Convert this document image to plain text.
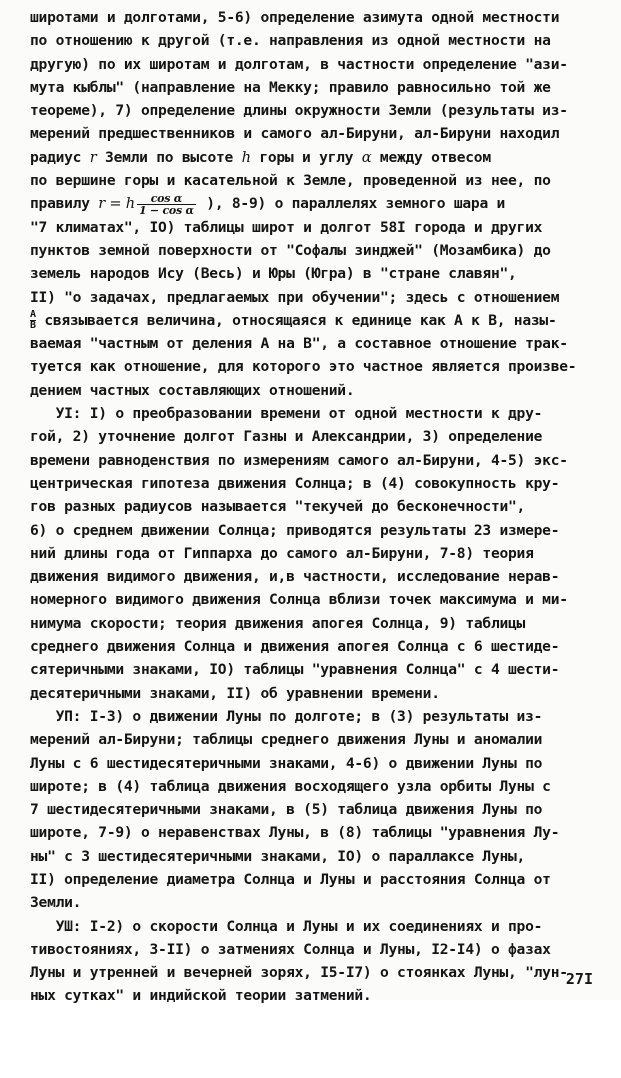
широтами и долготами, 5-6) определение азимута одной местности
по отношению к другой (т.е. направления из одной местности на
другую) по их широтам и долготам, в частности определение "ази-
мута кыблы" (направление на Мекку; правило равносильно той же
теореме), 7) определение длины окружности Земли (результаты из-
мерений предшественников и самого ал-Бируни, ал-Бируни находил
радиус r Земли по высоте h горы и углу α между отвесом
по вершине горы и касательной к Земле, проведенной из нее, по
правилу r = h $\frac{\text{cos α}}{\text{1 − cos α}}$ ), 8-9) о параллелях земного шара и
"7 климатах", IO) таблицы широт и долгот 58I города и других
пунктов земной поверхности от "Софалы зинджей" (Мозамбика) до
земель народов Ису (Весь) и Юры (Югра) в "стране славян",
II) "о задачах, предлагаемых при обучении"; здесь с отношением
А
В связывается величина, относящаяся к единице как А к В, назы-
ваемая "частным от деления А на В", а составное отношение трак-
туется как отношение, для которого это частное является произве-
дением частных составляющих отношений.
УI: I) о преобразовании времени от одной местности к дру-
гой, 2) уточнение долгот Газны и Александрии, 3) определение
времени равноденствия по измерениям самого ал-Бируни, 4-5) экс-
центрическая гипотеза движения Солнца; в (4) совокупность кру-
гов разных радиусов называется "текучей до бесконечности",
6) о среднем движении Солнца; приводятся результаты 23 измере-
ний длины года от Гиппарха до самого ал-Бируни, 7-8) теория
движения видимого движения, и,в частности, исследование нерав-
номерного видимого движения Солнца вблизи точек максимума и ми-
нимума скорости; теория движения апогея Солнца, 9) таблицы
среднего движения Солнца и движения апогея Солнца с 6 шестиде-
сятеричными знаками, IO) таблицы "уравнения Солнца" с 4 шести-
десятеричными знаками, II) об уравнении времени.
УП: I-3) о движении Луны по долготе; в (3) результаты из-
мерений ал-Бируни; таблицы среднего движения Луны и аномалии
Луны с 6 шестидесятеричными знаками, 4-6) о движении Луны по
широте; в (4) таблица движения восходящего узла орбиты Луны с
7 шестидесятеричными знаками, в (5) таблица движения Луны по
широте, 7-9) о неравенствах Луны, в (8) таблицы "уравнения Лу-
ны" с 3 шестидесятеричными знаками, IO) о параллаксе Луны,
II) определение диаметра Солнца и Луны и расстояния Солнца от
Земли.
УШ: I-2) о скорости Солнца и Луны и их соединениях и про-
тивостояниях, 3-II) о затмениях Солнца и Луны, I2-I4) о фазах
Луны и утренней и вечерней зорях, I5-I7) о стоянках Луны, "лун-
ных сутках" и индийской теории затмений.
27I
